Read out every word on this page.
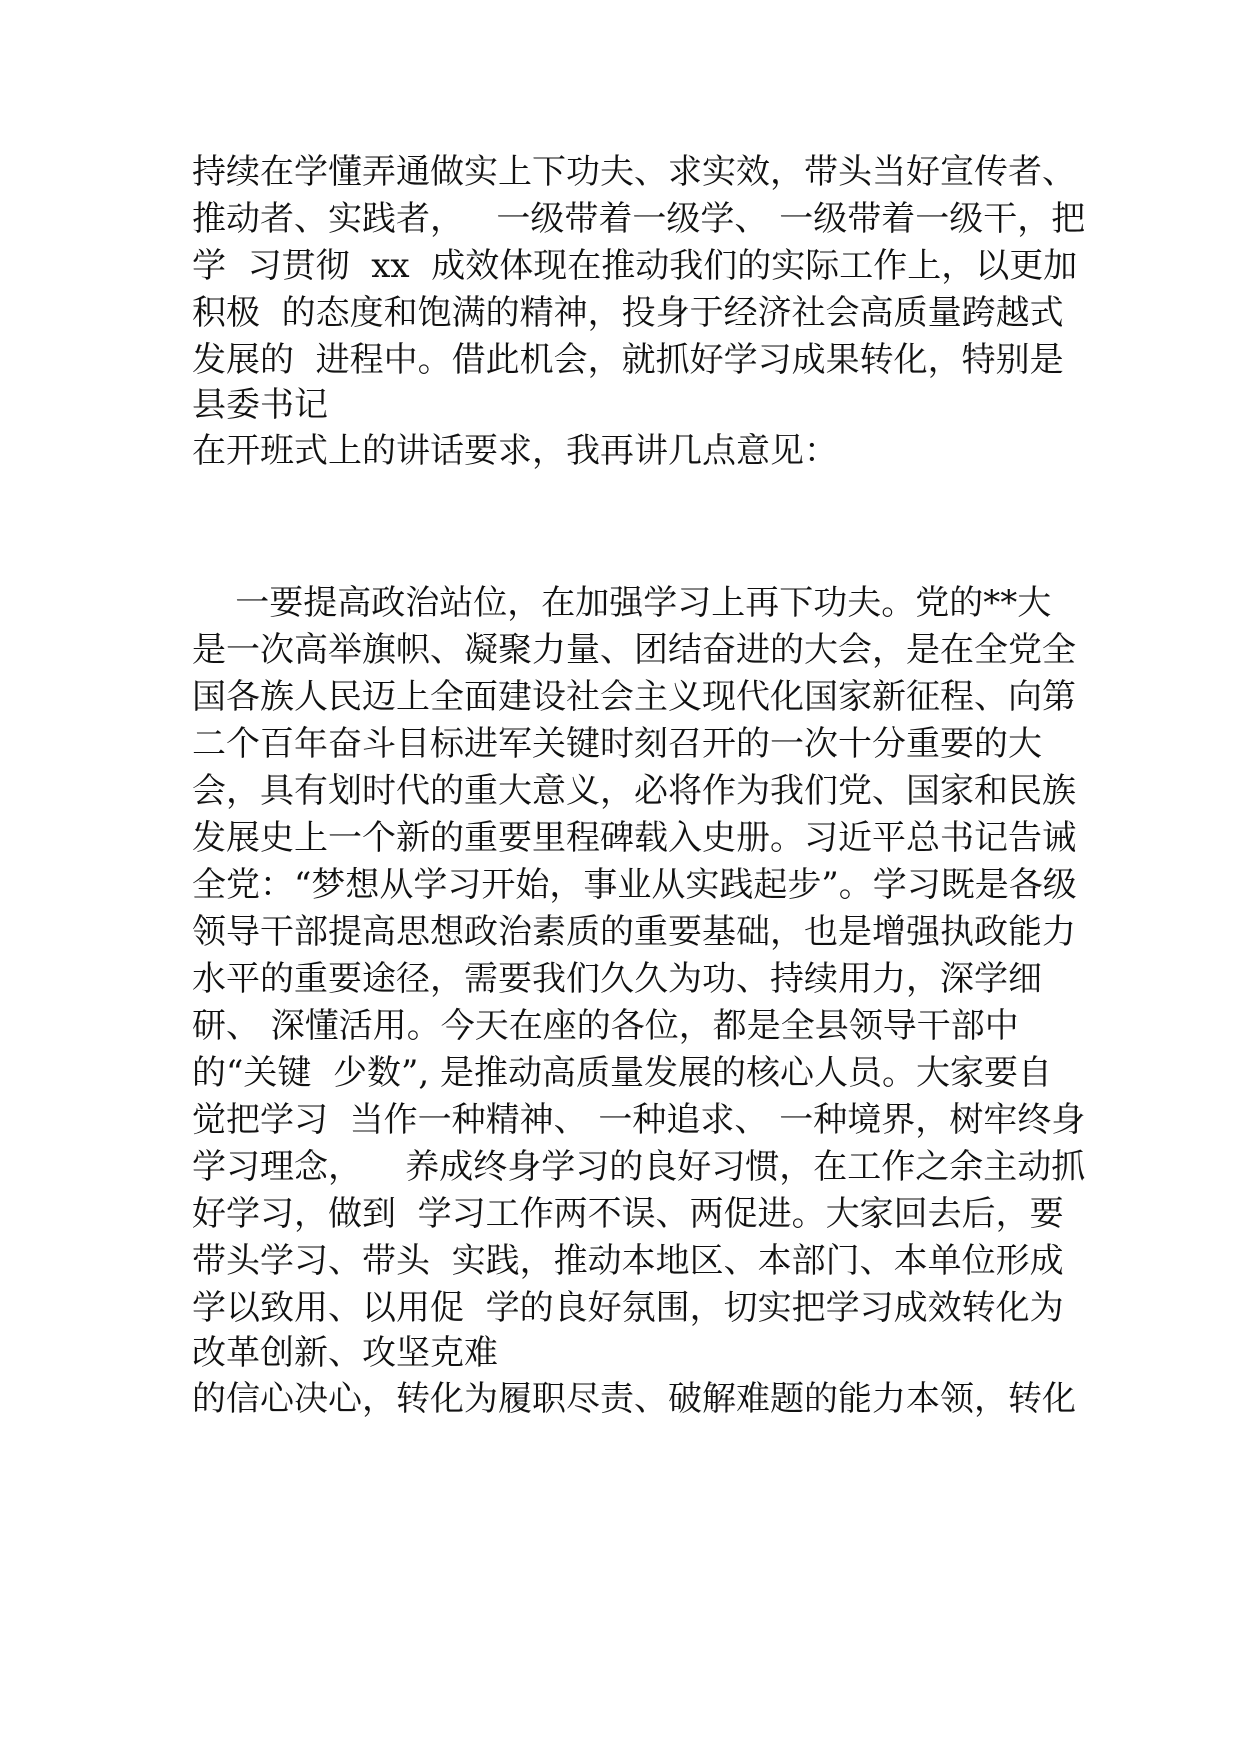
持续在学懂弄通做实上下功夫、求实效，带头当好宣传者、
推动者、实践者，   一级带着一级学、 一级带着一级干，把
学  习贯彻  xx  成效体现在推动我们的实际工作上，以更加
积极  的态度和饱满的精神，投身于经济社会高质量跨越式
发展的  进程中。借此机会，就抓好学习成果转化，特别是
县委书记
在开班式上的讲话要求，我再讲几点意见：
一要提高政治站位，在加强学习上再下功夫。党的**大
是一次高举旗帜、凝聚力量、团结奋进的大会，是在全党全
国各族人民迈上全面建设社会主义现代化国家新征程、向第
二个百年奋斗目标进军关键时刻召开的一次十分重要的大
会，具有划时代的重大意义，必将作为我们党、国家和民族
发展史上一个新的重要里程碑载入史册。习近平总书记告诫
全党：“梦想从学习开始，事业从实践起步”。学习既是各级
领导干部提高思想政治素质的重要基础，也是增强执政能力
水平的重要途径，需要我们久久为功、持续用力，深学细
研、 深懂活用。今天在座的各位，都是全县领导干部中
的“关键  少数”, 是推动高质量发展的核心人员。大家要自
觉把学习  当作一种精神、 一种追求、 一种境界，树牢终身
学习理念，    养成终身学习的良好习惯，在工作之余主动抓
好学习，做到  学习工作两不误、两促进。大家回去后，要
带头学习、带头  实践，推动本地区、本部门、本单位形成
学以致用、以用促  学的良好氛围，切实把学习成效转化为
改革创新、攻坚克难
的信心决心，转化为履职尽责、破解难题的能力本领，转化
